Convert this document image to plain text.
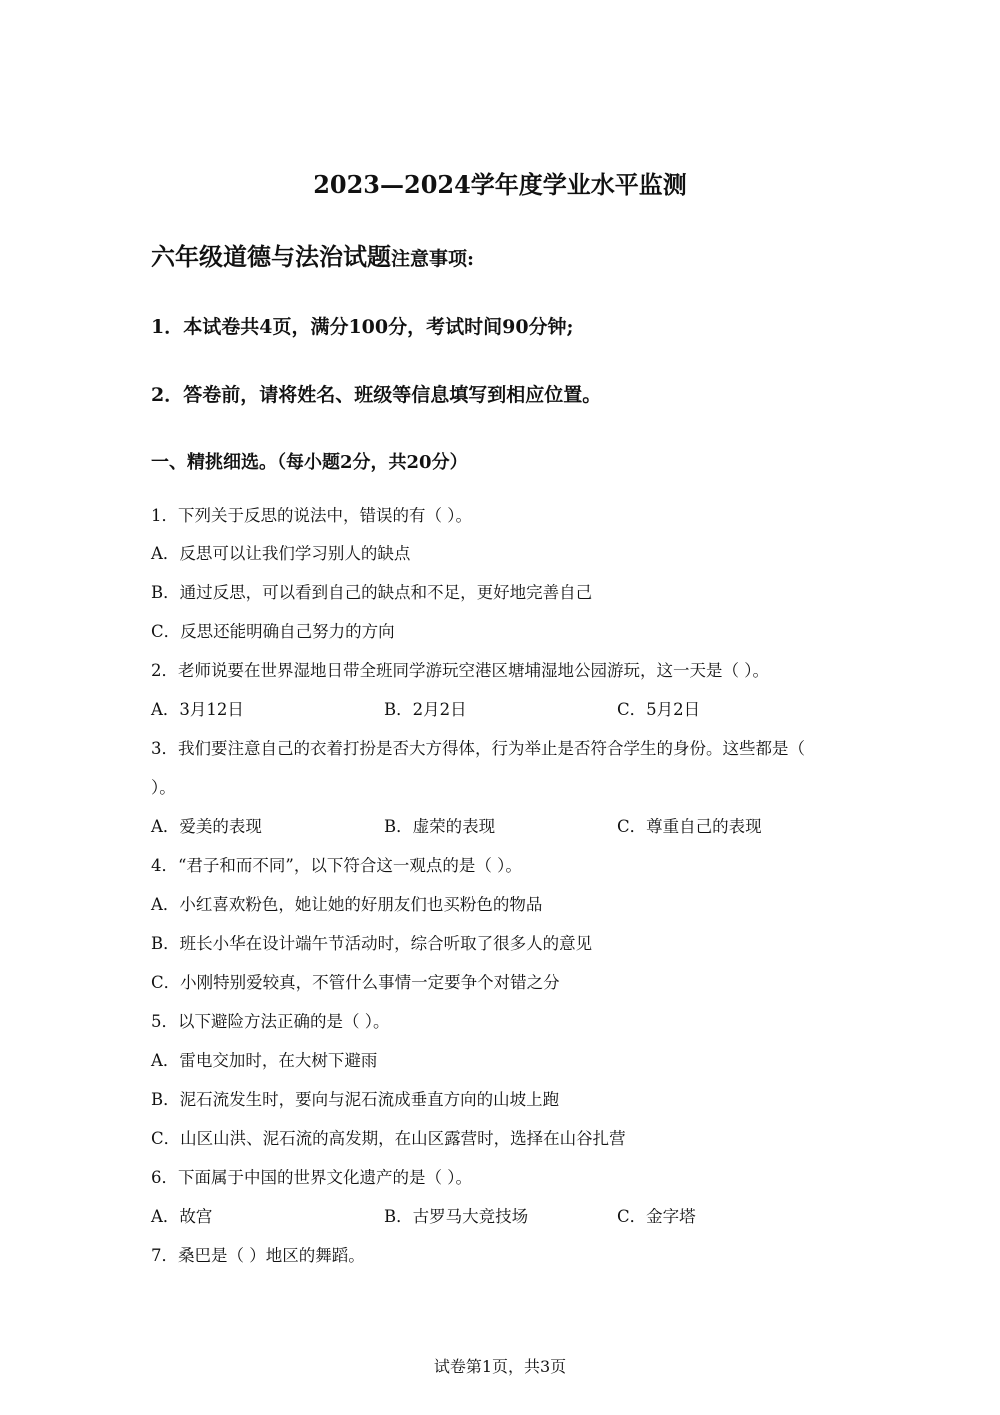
2023—2024学年度学业水平监测
六年级道德与法治试题注意事项:
1．本试卷共4页，满分100分，考试时间90分钟;
2．答卷前，请将姓名、班级等信息填写到相应位置。
一、精挑细选。（每小题2分，共20分）
1．下列关于反思的说法中，错误的有（ ）。
A．反思可以让我们学习别人的缺点
B．通过反思，可以看到自己的缺点和不足，更好地完善自己
C．反思还能明确自己努力的方向
2．老师说要在世界湿地日带全班同学游玩空港区塘埔湿地公园游玩，这一天是（ ）。
A．3月12日	B．2月2日	C．5月2日
3．我们要注意自己的衣着打扮是否大方得体，行为举止是否符合学生的身份。这些都是（
）。
A．爱美的表现	B．虚荣的表现	C．尊重自己的表现
4．“君子和而不同”，以下符合这一观点的是（ ）。
A．小红喜欢粉色，她让她的好朋友们也买粉色的物品
B．班长小华在设计端午节活动时，综合听取了很多人的意见
C．小刚特别爱较真，不管什么事情一定要争个对错之分
5．以下避险方法正确的是（ ）。
A．雷电交加时，在大树下避雨
B．泥石流发生时，要向与泥石流成垂直方向的山坡上跑
C．山区山洪、泥石流的高发期，在山区露营时，选择在山谷扎营
6．下面属于中国的世界文化遗产的是（ ）。
A．故宫	B．古罗马大竞技场	C．金字塔
7．桑巴是（ ）地区的舞蹈。
试卷第1页，共3页
